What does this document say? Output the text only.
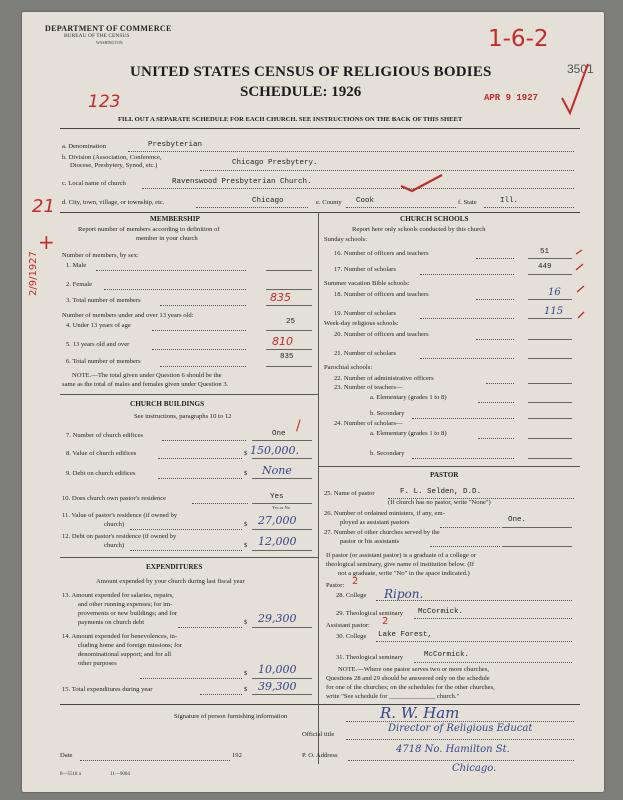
DEPARTMENT OF COMMERCE
BUREAU OF THE CENSUS
WASHINGTON
UNITED STATES CENSUS OF RELIGIOUS BODIES
SCHEDULE: 1926
3501
APR 9 1927
1-6-2
123
FILL OUT A SEPARATE SCHEDULE FOR EACH CHURCH. SEE INSTRUCTIONS ON THE BACK OF THIS SHEET
a. Denomination	Presbyterian
b. Division (Association, Conference,
Diocese, Presbytery, Synod, etc.)	Chicago Presbytery.
c. Local name of church	Ravenswood Presbyterian Church.
21 d. City, town, village, or township, etc.	Chicago	e. County Cook	f. State	Ill.
+
2/9/1927
MEMBERSHIP
Report number of members according to definition of
member in your church
Number of members, by sex:
1. Male
2. Female
3. Total number of members	835
Number of members under and over 13 years old:
4. Under 13 years of age	25
5. 13 years old and over	810
6. Total number of members
835
NOTE.—The total given under Question 6 should be the
same as the total of males and females given under Question 3.
CHURCH BUILDINGS
See instructions, paragraphs 10 to 12
7. Number of church edifices	One /
8. Value of church edifices	$ 150,000.
9. Debt on church edifices	$ None
10. Does church own pastor's residence	Yes
Yes or No
11. Value of pastor's residence (if owned by
church)	$ 27,000
12. Debt on pastor's residence (if owned by
church)	$ 12,000
EXPENDITURES
Amount expended by your church during last fiscal year
13. Amount expended for salaries, repairs,
and other running expenses; for im-
provements or new buildings; and for
payments on church debt	$ 29,300
14. Amount expended for benevolences, in-
cluding home and foreign missions; for
denominational support; and for all
other purposes
$ 10,000
15. Total expenditures during year	$ 39,300
CHURCH SCHOOLS
Report here only schools conducted by this church
Sunday schools:
16. Number of officers and teachers	51
17. Number of scholars	449
Summer vacation Bible schools:
18. Number of officers and teachers	16
19. Number of scholars	115
Week-day religious schools:
20. Number of officers and teachers
21. Number of scholars
Parochial schools:
22. Number of administrative officers
23. Number of teachers—
a. Elementary (grades 1 to 8)
b. Secondary
24. Number of scholars—
a. Elementary (grades 1 to 8)
b. Secondary
PASTOR
25. Name of pastor	F. L. Selden, D.D.
(If church has no pastor, write "None")
26. Number of ordained ministers, if any, em-
ployed as assistant pastors	One.
27. Number of other churches served by the
pastor or his assistants
If pastor (or assistant pastor) is a graduate of a college or
theological seminary, give name of institution below. (If
not a graduate, write "No" in the space indicated.)
Pastor: 2
28. College Ripon.
29. Theological seminary McCormick.
Assistant pastor: 2
30. College Lake Forest,
31. Theological seminary	McCormick.
NOTE.—Where one pastor serves two or more churches,
Questions 28 and 29 should be answered only on the schedule
for one of the churches; on the schedules for the other churches,
write "See schedule for ______________ church."
Signature of person furnishing information	R. W. Ham
Official title
Director of Religious Educat
Date	192	P. O. Address
4718 No. Hamilton St.
Chicago.
8—5518 a	11—9004
